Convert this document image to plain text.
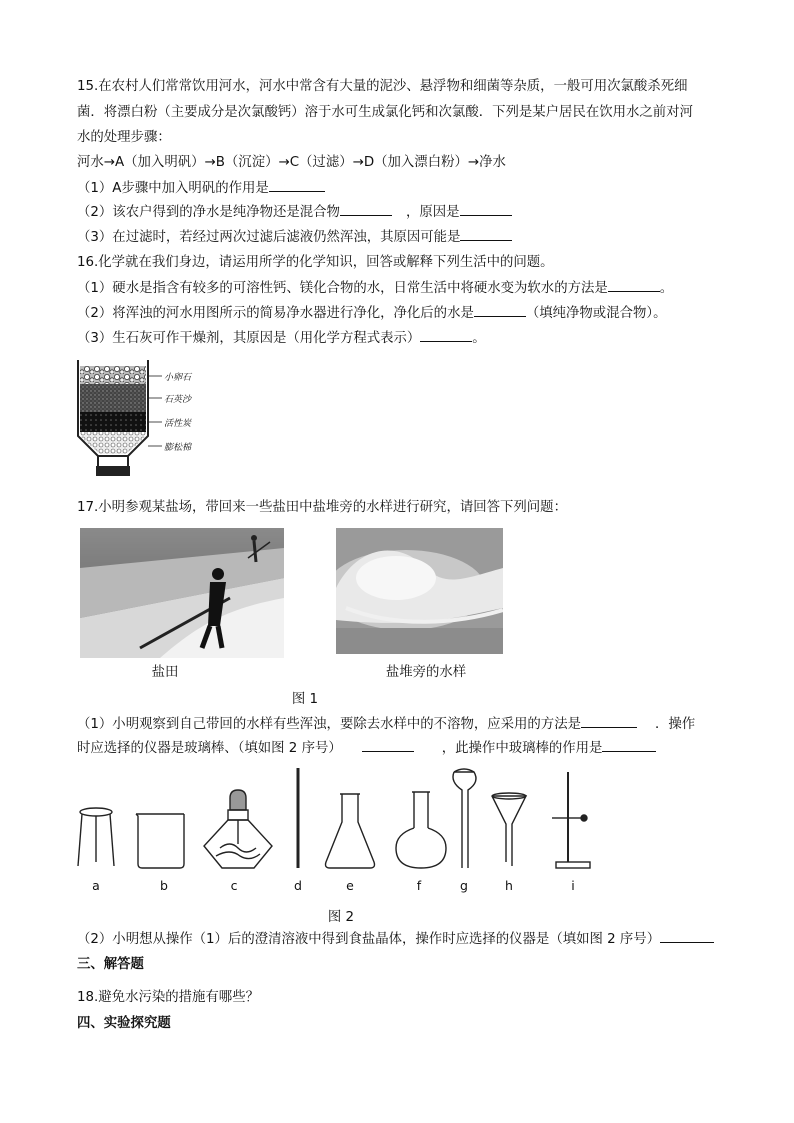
15.在农村人们常常饮用河水，河水中常含有大量的泥沙、悬浮物和细菌等杂质，一般可用次氯酸杀死细
菌．将漂白粉（主要成分是次氯酸钙）溶于水可生成氯化钙和次氯酸．下列是某户居民在饮用水之前对河
水的处理步骤：
河水→A（加入明矾）→B（沉淀）→C（过滤）→D（加入漂白粉）→净水
（1）A步骤中加入明矾的作用是
（2）该农户得到的净水是纯净物还是混合物	，原因是
（3）在过滤时，若经过两次过滤后滤液仍然浑浊，其原因可能是
16.化学就在我们身边，请运用所学的化学知识，回答或解释下列生活中的问题。
（1）硬水是指含有较多的可溶性钙、镁化合物的水，日常生活中将硬水变为软水的方法是	。
（2）将浑浊的河水用图所示的简易净水器进行净化，净化后的水是	（填纯净物或混合物）。
（3）生石灰可作干燥剂，其原因是（用化学方程式表示）	。
小卵石
石英沙
活性炭
膨松棉
17.小明参观某盐场，带回来一些盐田中盐堆旁的水样进行研究，请回答下列问题：
盐田	盐堆旁的水样
图 1
（1）小明观察到自己带回的水样有些浑浊，要除去水样中的不溶物，应采用的方法是	．操作
时应选择的仪器是玻璃棒、（填如图 2 序号）	，此操作中玻璃棒的作用是
a	b	c	d	e	f	g	h	i
图 2
（2）小明想从操作（1）后的澄清溶液中得到食盐晶体，操作时应选择的仪器是（填如图 2 序号）
三、解答题
18.避免水污染的措施有哪些？
四、实验探究题
